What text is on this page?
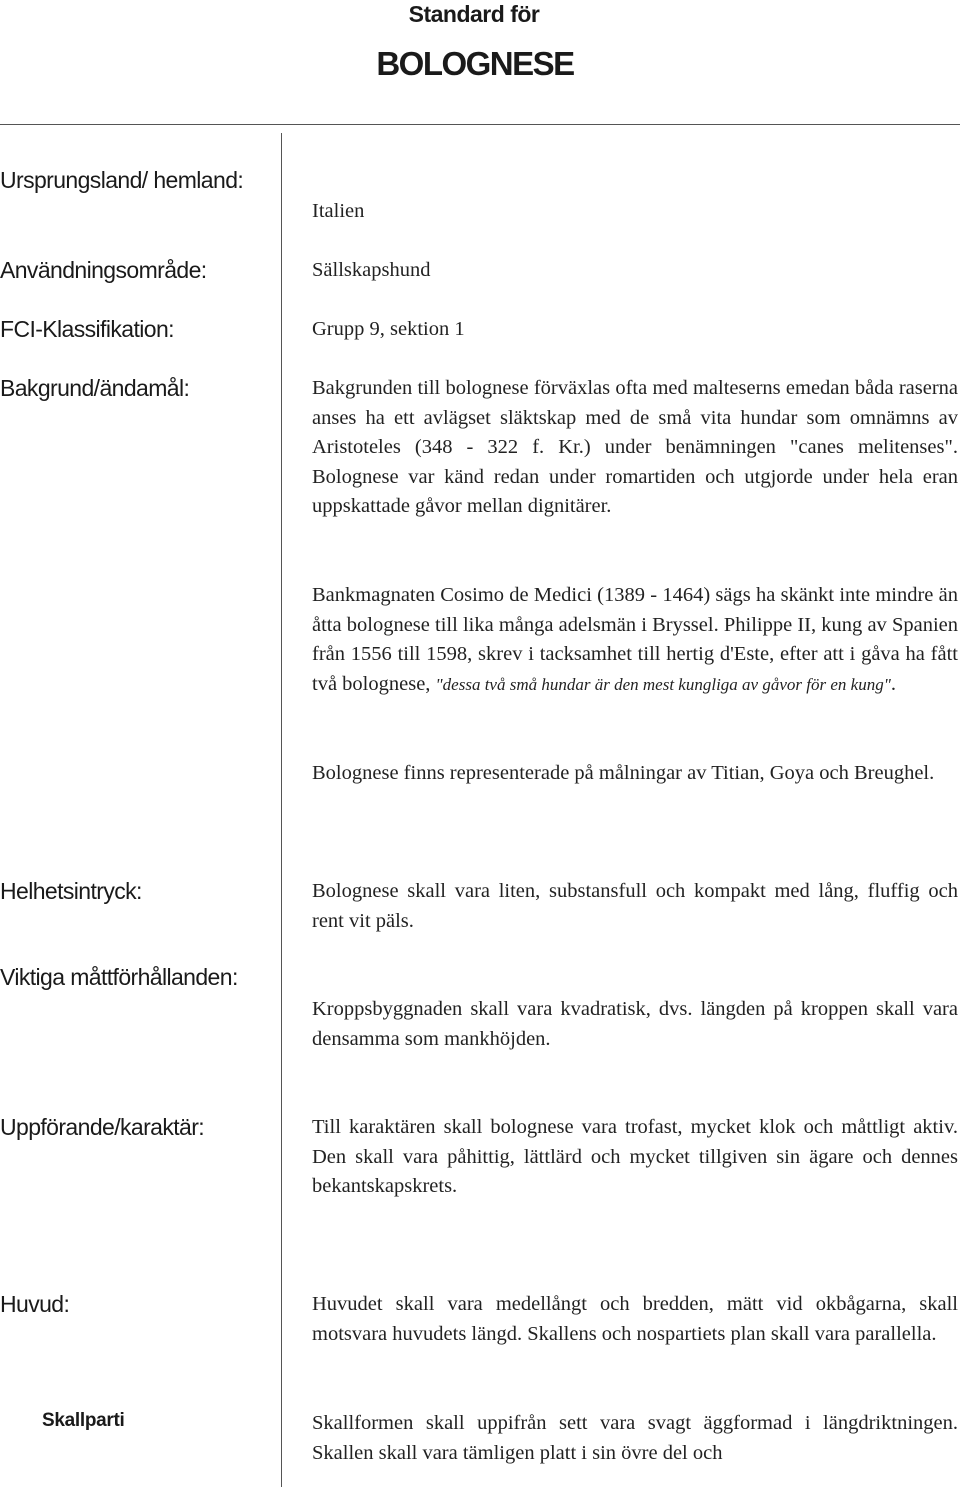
Standard för
BOLOGNESE
Ursprungsland/ hemland:
Italien
Användningsområde:	Sällskapshund
FCI-Klassifikation:	Grupp 9, sektion 1
Bakgrund/ändamål:	Bakgrunden till bolognese förväxlas ofta med malteserns emedan båda raserna anses ha ett avlägset släktskap med de små vita hundar som omnämns av Aristoteles (348 - 322 f. Kr.) under benämningen "canes melitenses". Bolognese var känd redan under romartiden och utgjorde under hela eran uppskattade gåvor mellan dignitärer.

Bankmagnaten Cosimo de Medici (1389 - 1464) sägs ha skänkt inte mindre än åtta bolognese till lika många adelsmän i Bryssel. Philippe II, kung av Spanien från 1556 till 1598, skrev i tacksamhet till hertig d'Este, efter att i gåva ha fått två bolognese, "dessa två små hundar är den mest kungliga av gåvor för en kung".

Bolognese finns representerade på målningar av Titian, Goya och Breughel.

Helhetsintryck:	Bolognese skall vara liten, substansfull och kompakt med lång, fluffig och rent vit päls.
Viktiga måttförhållanden:
Kroppsbyggnaden skall vara kvadratisk, dvs. längden på kroppen skall vara densamma som mankhöjden.
Uppförande/karaktär:	Till karaktären skall bolognese vara trofast, mycket klok och måttligt aktiv. Den skall vara påhittig, lättlärd och mycket tillgiven sin ägare och dennes bekantskapskrets.
Huvud:	Huvudet skall vara medellångt och bredden, mätt vid okbågarna, skall motsvara huvudets längd. Skallens och nospartiets plan skall vara parallella.
Skallparti	Skallformen skall uppifrån sett vara svagt äggformad i längdriktningen. Skallen skall vara tämligen platt i sin övre del och
